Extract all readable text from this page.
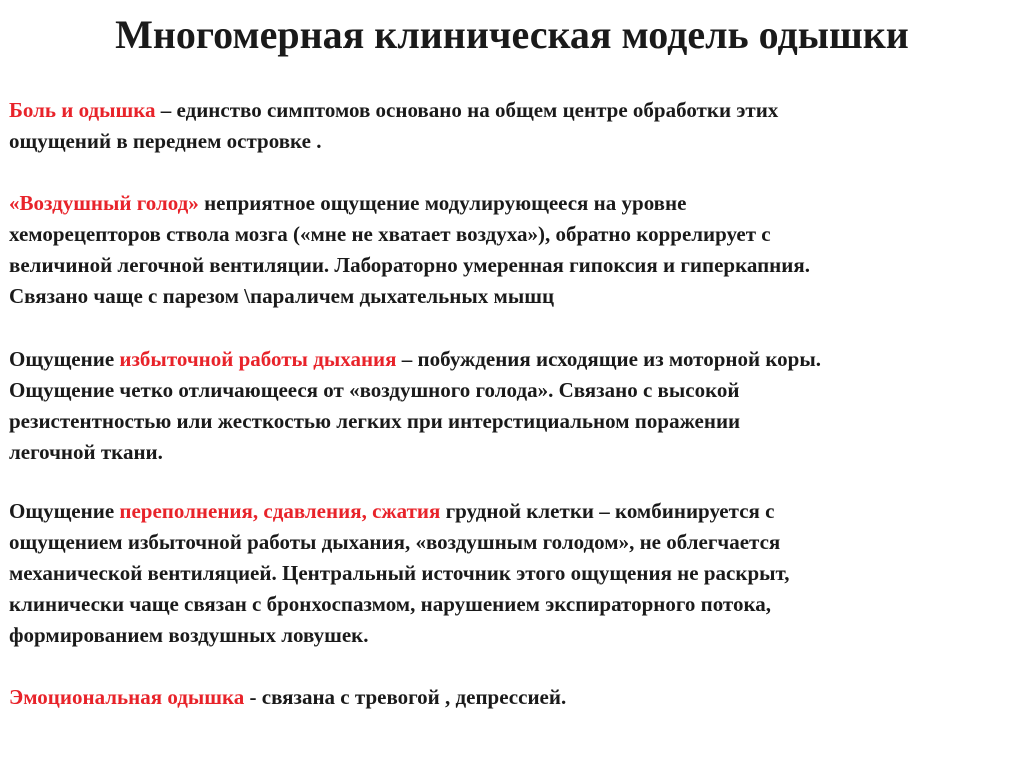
Многомерная клиническая модель одышки

Боль и одышка – единство симптомов основано на общем центре обработки этих
ощущений в переднем островке .

«Воздушный голод» неприятное ощущение модулирующееся на уровне
хеморецепторов ствола мозга («мне не хватает воздуха»), обратно коррелирует с
величиной легочной вентиляции. Лабораторно умеренная гипоксия и гиперкапния.
Связано чаще с парезом \параличем дыхательных мышц

Ощущение избыточной работы дыхания – побуждения исходящие из моторной коры.
Ощущение четко отличающееся от «воздушного голода». Связано с высокой
резистентностью или жесткостью легких при интерстициальном поражении
легочной ткани.

Ощущение переполнения, сдавления, сжатия грудной клетки – комбинируется с
ощущением избыточной работы дыхания, «воздушным голодом», не облегчается
механической вентиляцией. Центральный источник этого ощущения не раскрыт,
клинически чаще связан с бронхоспазмом, нарушением экспираторного потока,
формированием воздушных ловушек.

Эмоциональная одышка - связана с тревогой , депрессией.
